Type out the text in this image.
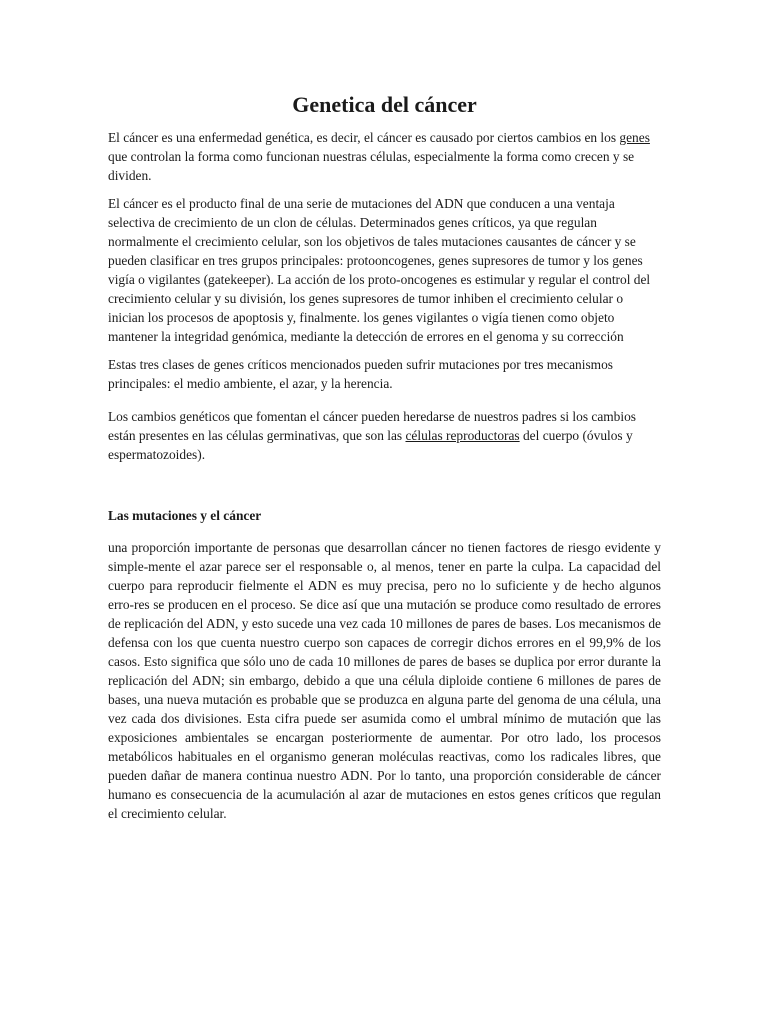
Genetica del cáncer

El cáncer es una enfermedad genética, es decir, el cáncer es causado por ciertos cambios en los genes que controlan la forma como funcionan nuestras células, especialmente la forma como crecen y se dividen.

El cáncer es el producto final de una serie de mutaciones del ADN que conducen a una ventaja selectiva de crecimiento de un clon de células. Determinados genes críticos, ya que regulan normalmente el crecimiento celular, son los objetivos de tales mutaciones causantes de cáncer y se pueden clasificar en tres grupos principales: protooncogenes, genes supresores de tumor y los genes vigía o vigilantes (gatekeeper). La acción de los proto-oncogenes es estimular y regular el control del crecimiento celular y su división, los genes supresores de tumor inhiben el crecimiento celular o inician los procesos de apoptosis y, finalmente. los genes vigilantes o vigía tienen como objeto mantener la integridad genómica, mediante la detección de errores en el genoma y su corrección

Estas tres clases de genes críticos mencionados pueden sufrir mutaciones por tres mecanismos principales: el medio ambiente, el azar, y la herencia.

Los cambios genéticos que fomentan el cáncer pueden heredarse de nuestros padres si los cambios están presentes en las células germinativas, que son las células reproductoras del cuerpo (óvulos y espermatozoides).

Las mutaciones y el cáncer

una proporción importante de personas que desarrollan cáncer no tienen factores de riesgo evidente y simple-mente el azar parece ser el responsable o, al menos, tener en parte la culpa. La capacidad del cuerpo para reproducir fielmente el ADN es muy precisa, pero no lo suficiente y de hecho algunos erro-res se producen en el proceso. Se dice así que una mutación se produce como resultado de errores de replicación del ADN, y esto sucede una vez cada 10 millones de pares de bases. Los mecanismos de defensa con los que cuenta nuestro cuerpo son capaces de corregir dichos errores en el 99,9% de los casos. Esto significa que sólo uno de cada 10 millones de pares de bases se duplica por error durante la replicación del ADN; sin embargo, debido a que una célula diploide contiene 6 millones de pares de bases, una nueva mutación es probable que se produzca en alguna parte del genoma de una célula, una vez cada dos divisiones. Esta cifra puede ser asumida como el umbral mínimo de mutación que las exposiciones ambientales se encargan posteriormente de aumentar. Por otro lado, los procesos metabólicos habituales en el organismo generan moléculas reactivas, como los radicales libres, que pueden dañar de manera continua nuestro ADN. Por lo tanto, una proporción considerable de cáncer humano es consecuencia de la acumulación al azar de mutaciones en estos genes críticos que regulan el crecimiento celular.
